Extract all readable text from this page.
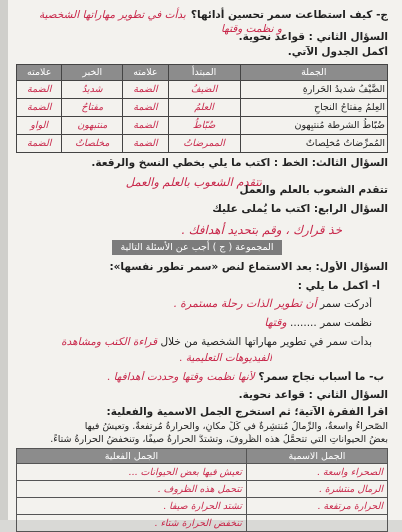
ج- كيف استطاعت سمر تحسين أدائها؟ بدأت في تطوير مهاراتها الشخصية
و نظمت وقتها
السؤال الثاني : قواعد نحوية.
أكمل الجدول الآتي.
الجملة	المبتدأ	علامته	الخبر	علامته
الضَّيْفُ شديدُ الحَرارةِ	الضيفُ	الضمة	شديدُ	الضمة
العِلمُ مِفتاحُ النجاحِ	العلمُ	الضمة	مفتاحُ	الضمة
ضُبّاطُ الشرطة مُنتبِهون	ضُبّاطُ	الضمة	منتبهون	الواو
المُمرِّضاتُ مُخلِصاتٌ	الممرضاتُ	الضمة	مخلصاتٌ	الضمة
السؤال الثالث: الخط : اكتب ما يلي بخطي النسخ والرقعة.
تتقدم الشعوب بالعلم والعمل
تتقدم الشعوب بالعلم والعمل
السؤال الرابع: اكتب ما يُملى عليك
خذ قرارك ، وقم بتحديد أهدافك .
المجموعة ( ج ) أجب عن الأسئلة التالية
السؤال الأول: بعد الاستماع لنص «سمر تطور نفسها»:
أ- أكمل ما يلي :
أدركت سمر أن تطوير الذات رحلة مستمرة .
نظمت سمر ........ وقتها
بدأت سمر في تطوير مهاراتها الشخصية من خلال قراءة الكتب ومشاهدة
الفيديوهات التعليمية .
ب- ما أسباب نجاح سمر؟ لأنها نظمت وقتها وحددت أهدافها .
السؤال الثاني : قواعد نحوية.
اقرأ الفقرة الآتية؛ ثم استخرج الجمل الاسمية والفعلية:
الصّحراءُ واسعةٌ، والرِّمالُ مُنتشِرةٌ في كُلِّ مكانٍ، والحرارةُ مُرتفعةٌ. وتعيشُ فيها
بعضُ الحيواناتِ التي تتحمَّلُ هذه الظُّروفَ، وتشتدُّ الحرارةُ صيفًا، وتنخفضُ الحرارةُ شتاءً.
الجمل الاسمية	الجمل الفعلية
الصحراء واسعة .	تعيش فيها بعض الحيوانات ...
الرمال منتشرة .	تتحمل هذه الظروف .
الحرارة مرتفعة .	تشتد الحرارة صيفا .
	تنخفض الحرارة شتاء .
